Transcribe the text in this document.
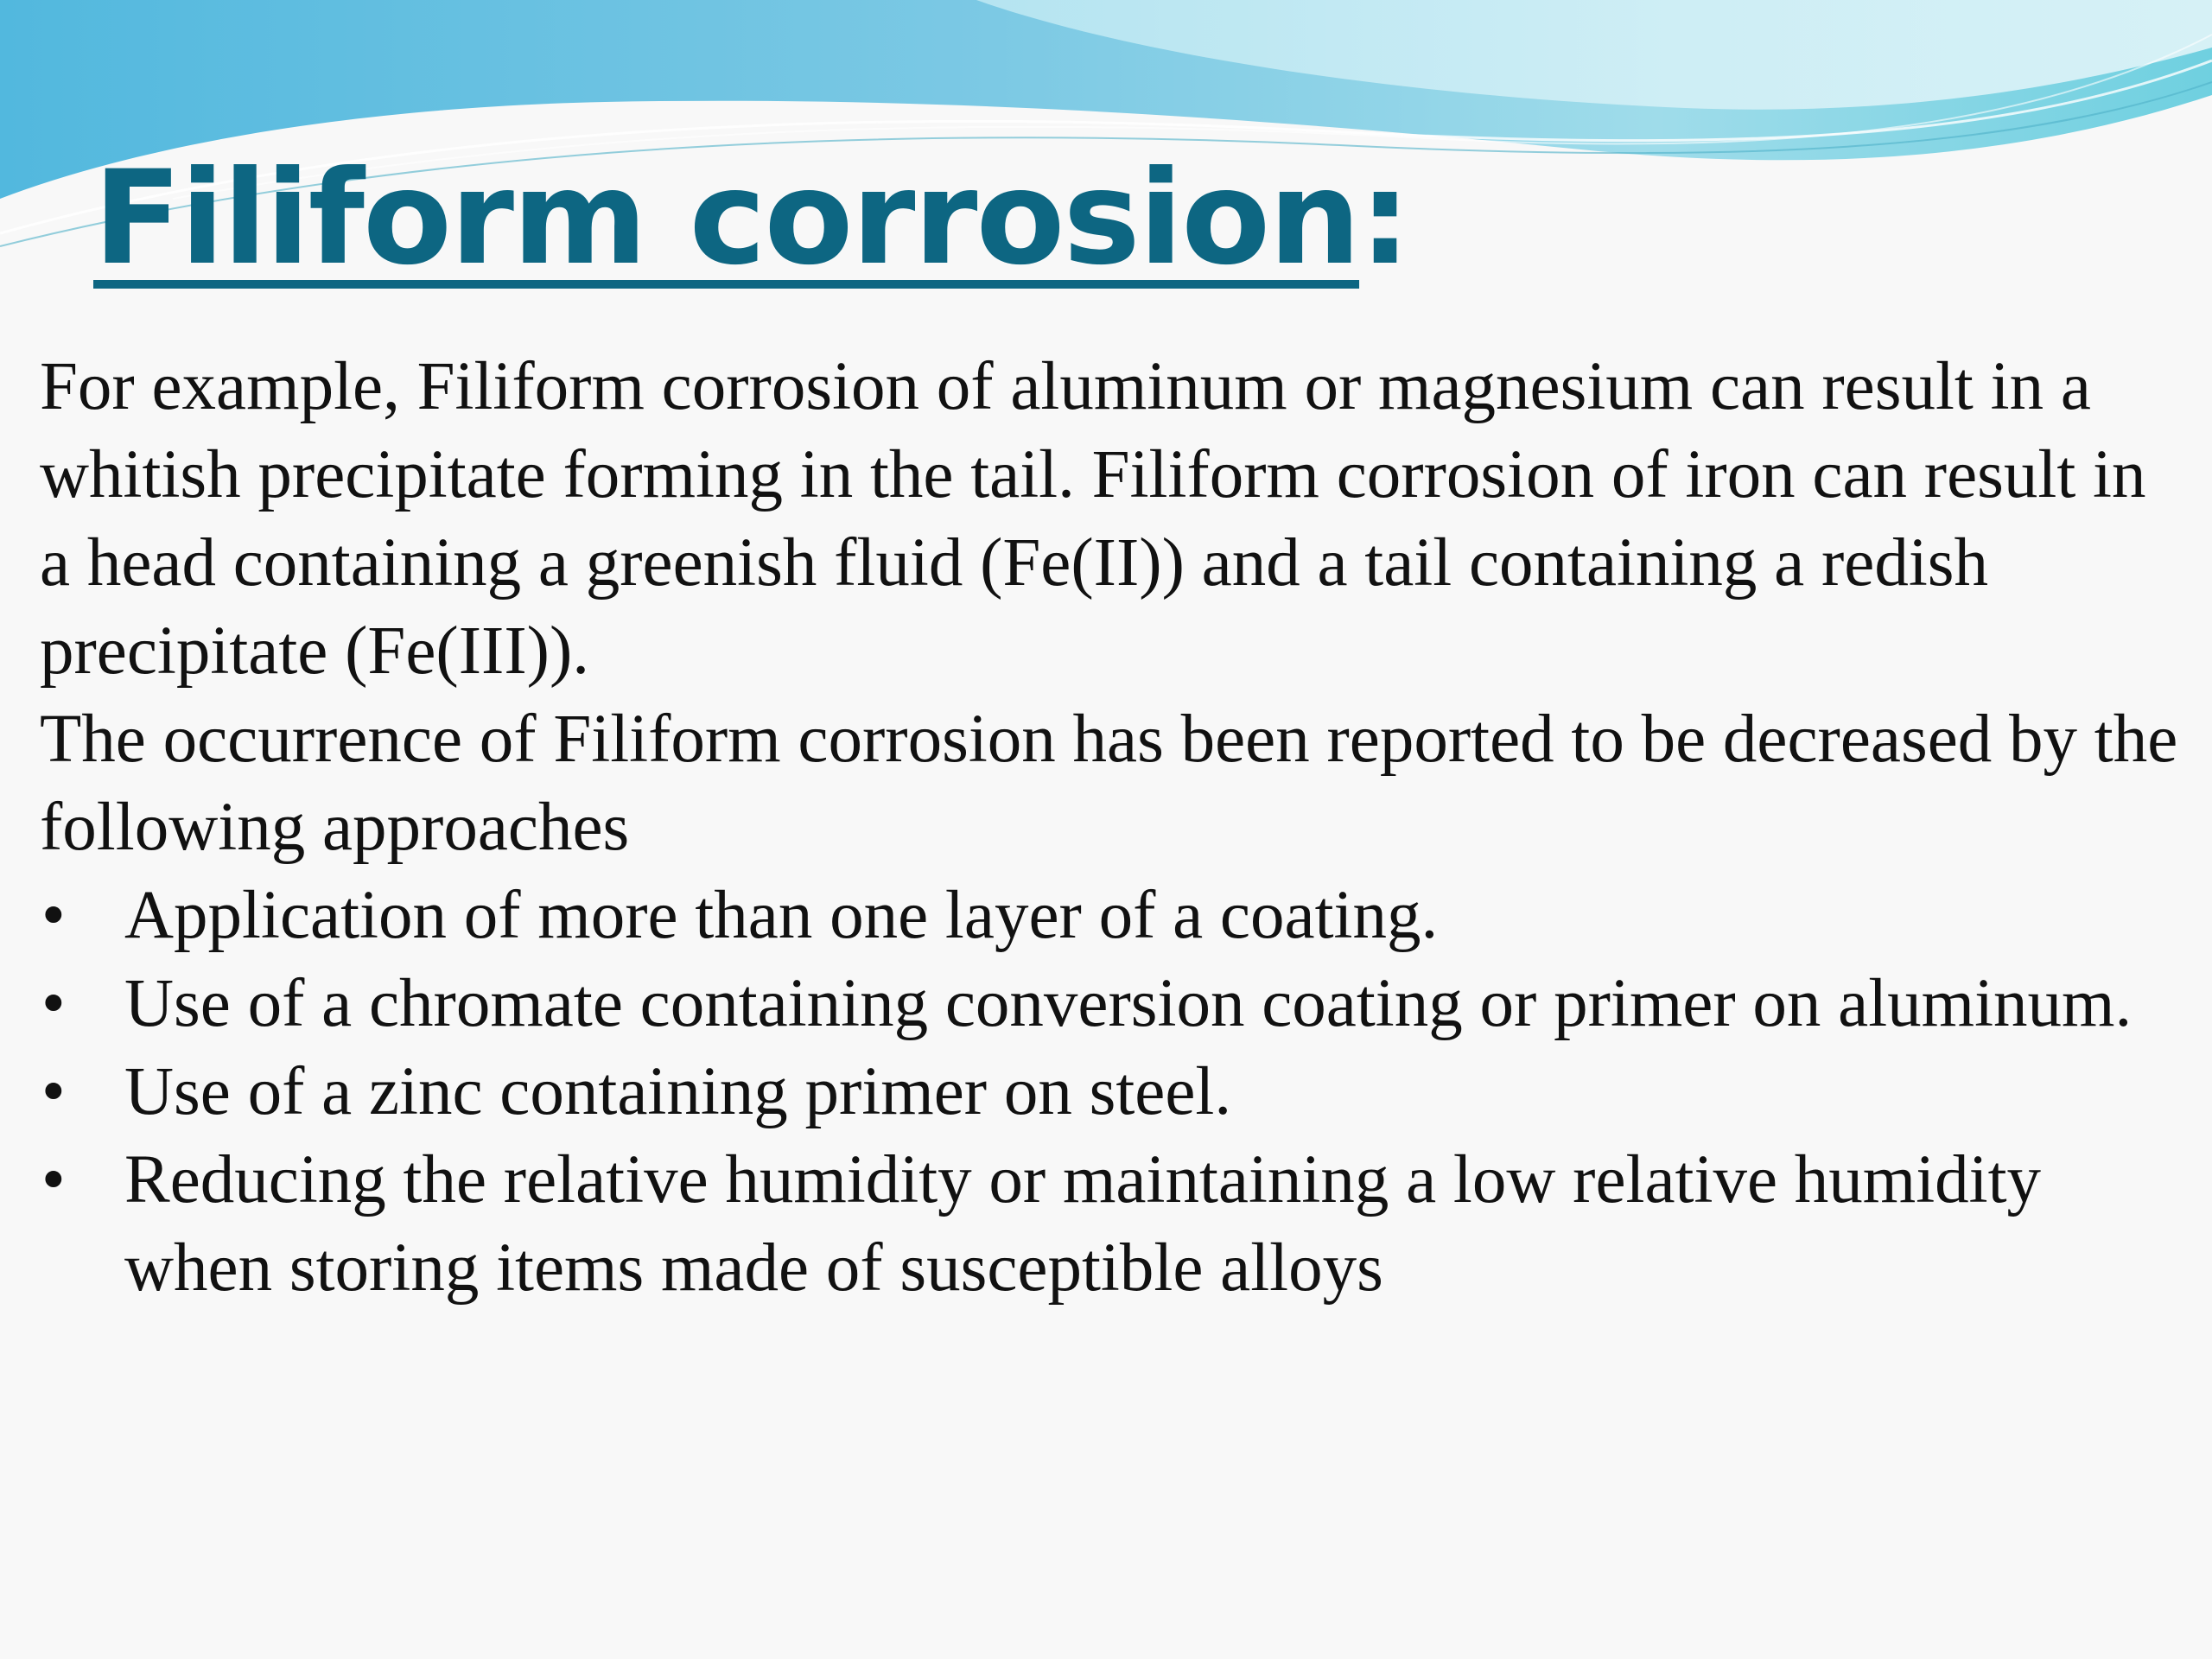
Filiform corrosion:

For example, Filiform corrosion of aluminum or magnesium can result in a whitish precipitate forming in the tail. Filiform corrosion of iron can result in a head containing a greenish fluid (Fe(II)) and a tail containing a redish precipitate (Fe(III)).

The occurrence of Filiform corrosion has been reported to be decreased by the following approaches

• Application of more than one layer of a coating.
• Use of a chromate containing conversion coating or primer on aluminum.
• Use of a zinc containing primer on steel.
• Reducing the relative humidity or maintaining a low relative humidity when storing items made of susceptible alloys
